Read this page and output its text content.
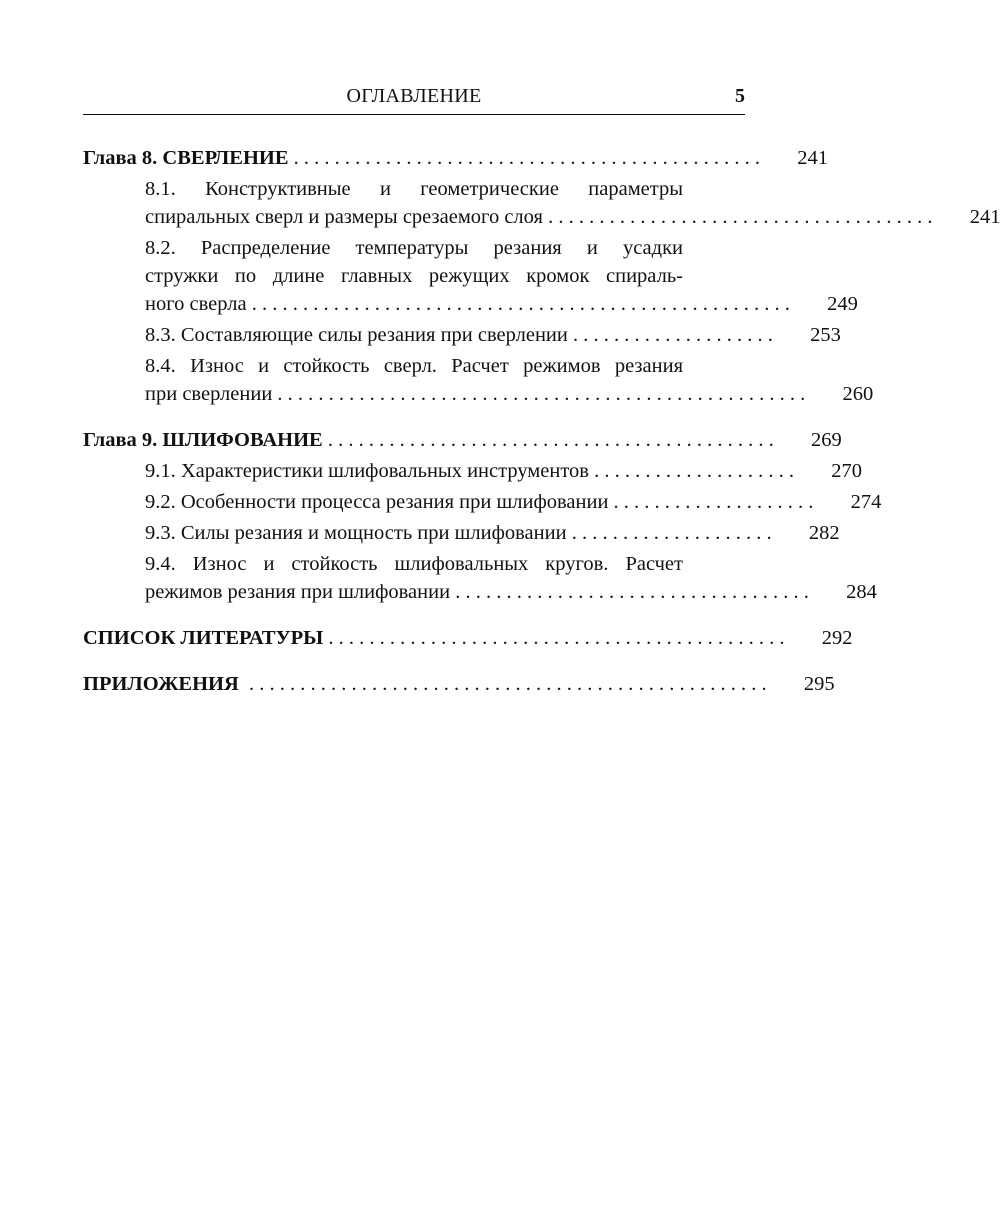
ОГЛАВЛЕНИЕ	5
Глава 8. СВЕРЛЕНИЕ . . . . . . . . . . . . . . . . . . . . . . . . . . . . . . . . . . . . . . . . . . . . . .	241
8.1. Конструктивные и геометрические параметры
спиральных сверл и размеры срезаемого слоя . . . . . . . . . . . . . . . . . . . . . . . . . . . . . . . . . . . . . .	241
8.2. Распределение температуры резания и усадки
стружки по длине главных режущих кромок спираль-
ного сверла . . . . . . . . . . . . . . . . . . . . . . . . . . . . . . . . . . . . . . . . . . . . . . . . . . . . .	249
8.3. Составляющие силы резания при сверлении . . . . . . . . . . . . . . . . . . . .	253
8.4. Износ и стойкость сверл. Расчет режимов резания
при сверлении . . . . . . . . . . . . . . . . . . . . . . . . . . . . . . . . . . . . . . . . . . . . . . . . . . . .	260
Глава 9. ШЛИФОВАНИЕ . . . . . . . . . . . . . . . . . . . . . . . . . . . . . . . . . . . . . . . . . . . .	269
9.1. Характеристики шлифовальных инструментов . . . . . . . . . . . . . . . . . . . .	270
9.2. Особенности процесса резания при шлифовании . . . . . . . . . . . . . . . . . . . .	274
9.3. Силы резания и мощность при шлифовании . . . . . . . . . . . . . . . . . . . .	282
9.4. Износ и стойкость шлифовальных кругов. Расчет
режимов резания при шлифовании . . . . . . . . . . . . . . . . . . . . . . . . . . . . . . . . . . .	284
СПИСОК ЛИТЕРАТУРЫ . . . . . . . . . . . . . . . . . . . . . . . . . . . . . . . . . . . . . . . . . . . . .	292
ПРИЛОЖЕНИЯ . . . . . . . . . . . . . . . . . . . . . . . . . . . . . . . . . . . . . . . . . . . . . . . . . . .	295
